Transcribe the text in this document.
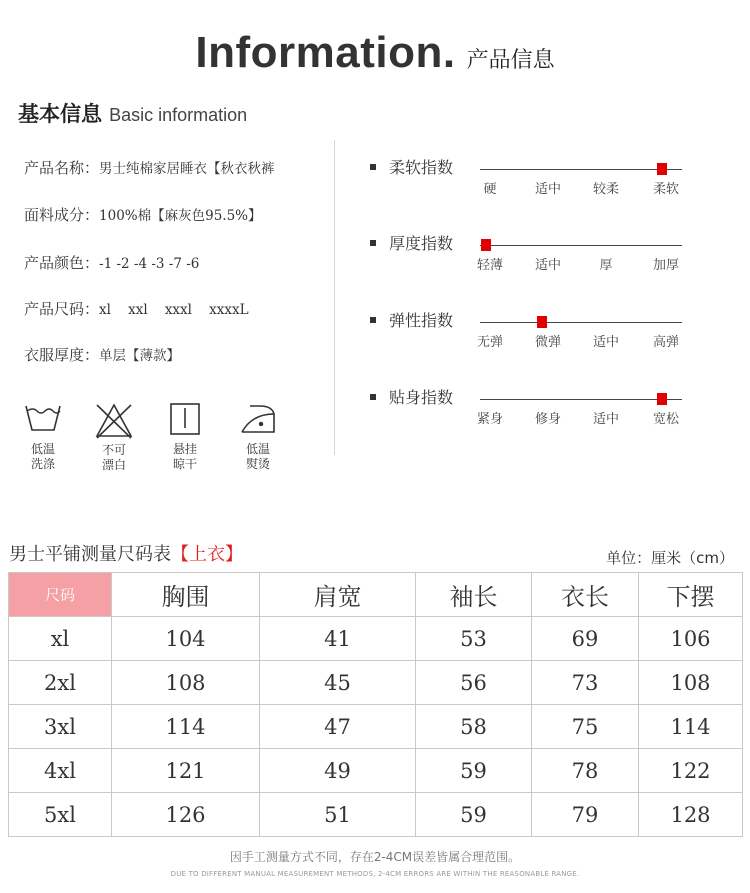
Information. 产品信息
基本信息 Basic information
产品名称：男士纯棉家居睡衣【秋衣秋裤
面料成分：100%棉【麻灰色95.5%】
产品颜色：-1 -2 -4 -3 -7 -6
产品尺码：xl    xxl    xxxl    xxxxL
衣服厚度：单层【薄款】
低温
洗涤
不可
漂白
悬挂
晾干
低温
熨烫
柔软指数
硬	适中 较柔	柔软
厚度指数
轻薄 适中	厚	加厚
弹性指数
无弹 微弹 适中	高弹
贴身指数
紧身 修身 适中	宽松
男士平铺测量尺码表【上衣】	单位：厘米（cm）
尺码	胸围	肩宽	袖长	衣长	下摆
xl	104	41	53	69	106
2xl	108	45	56	73	108
3xl	114	47	58	75	114
4xl	121	49	59	78	122
5xl	126	51	59	79	128
因手工测量方式不同，存在2-4CM误差皆属合理范围。
DUE TO DIFFERENT MANUAL MEASUREMENT METHODS, 2-4CM ERRORS ARE WITHIN THE REASONABLE RANGE.
